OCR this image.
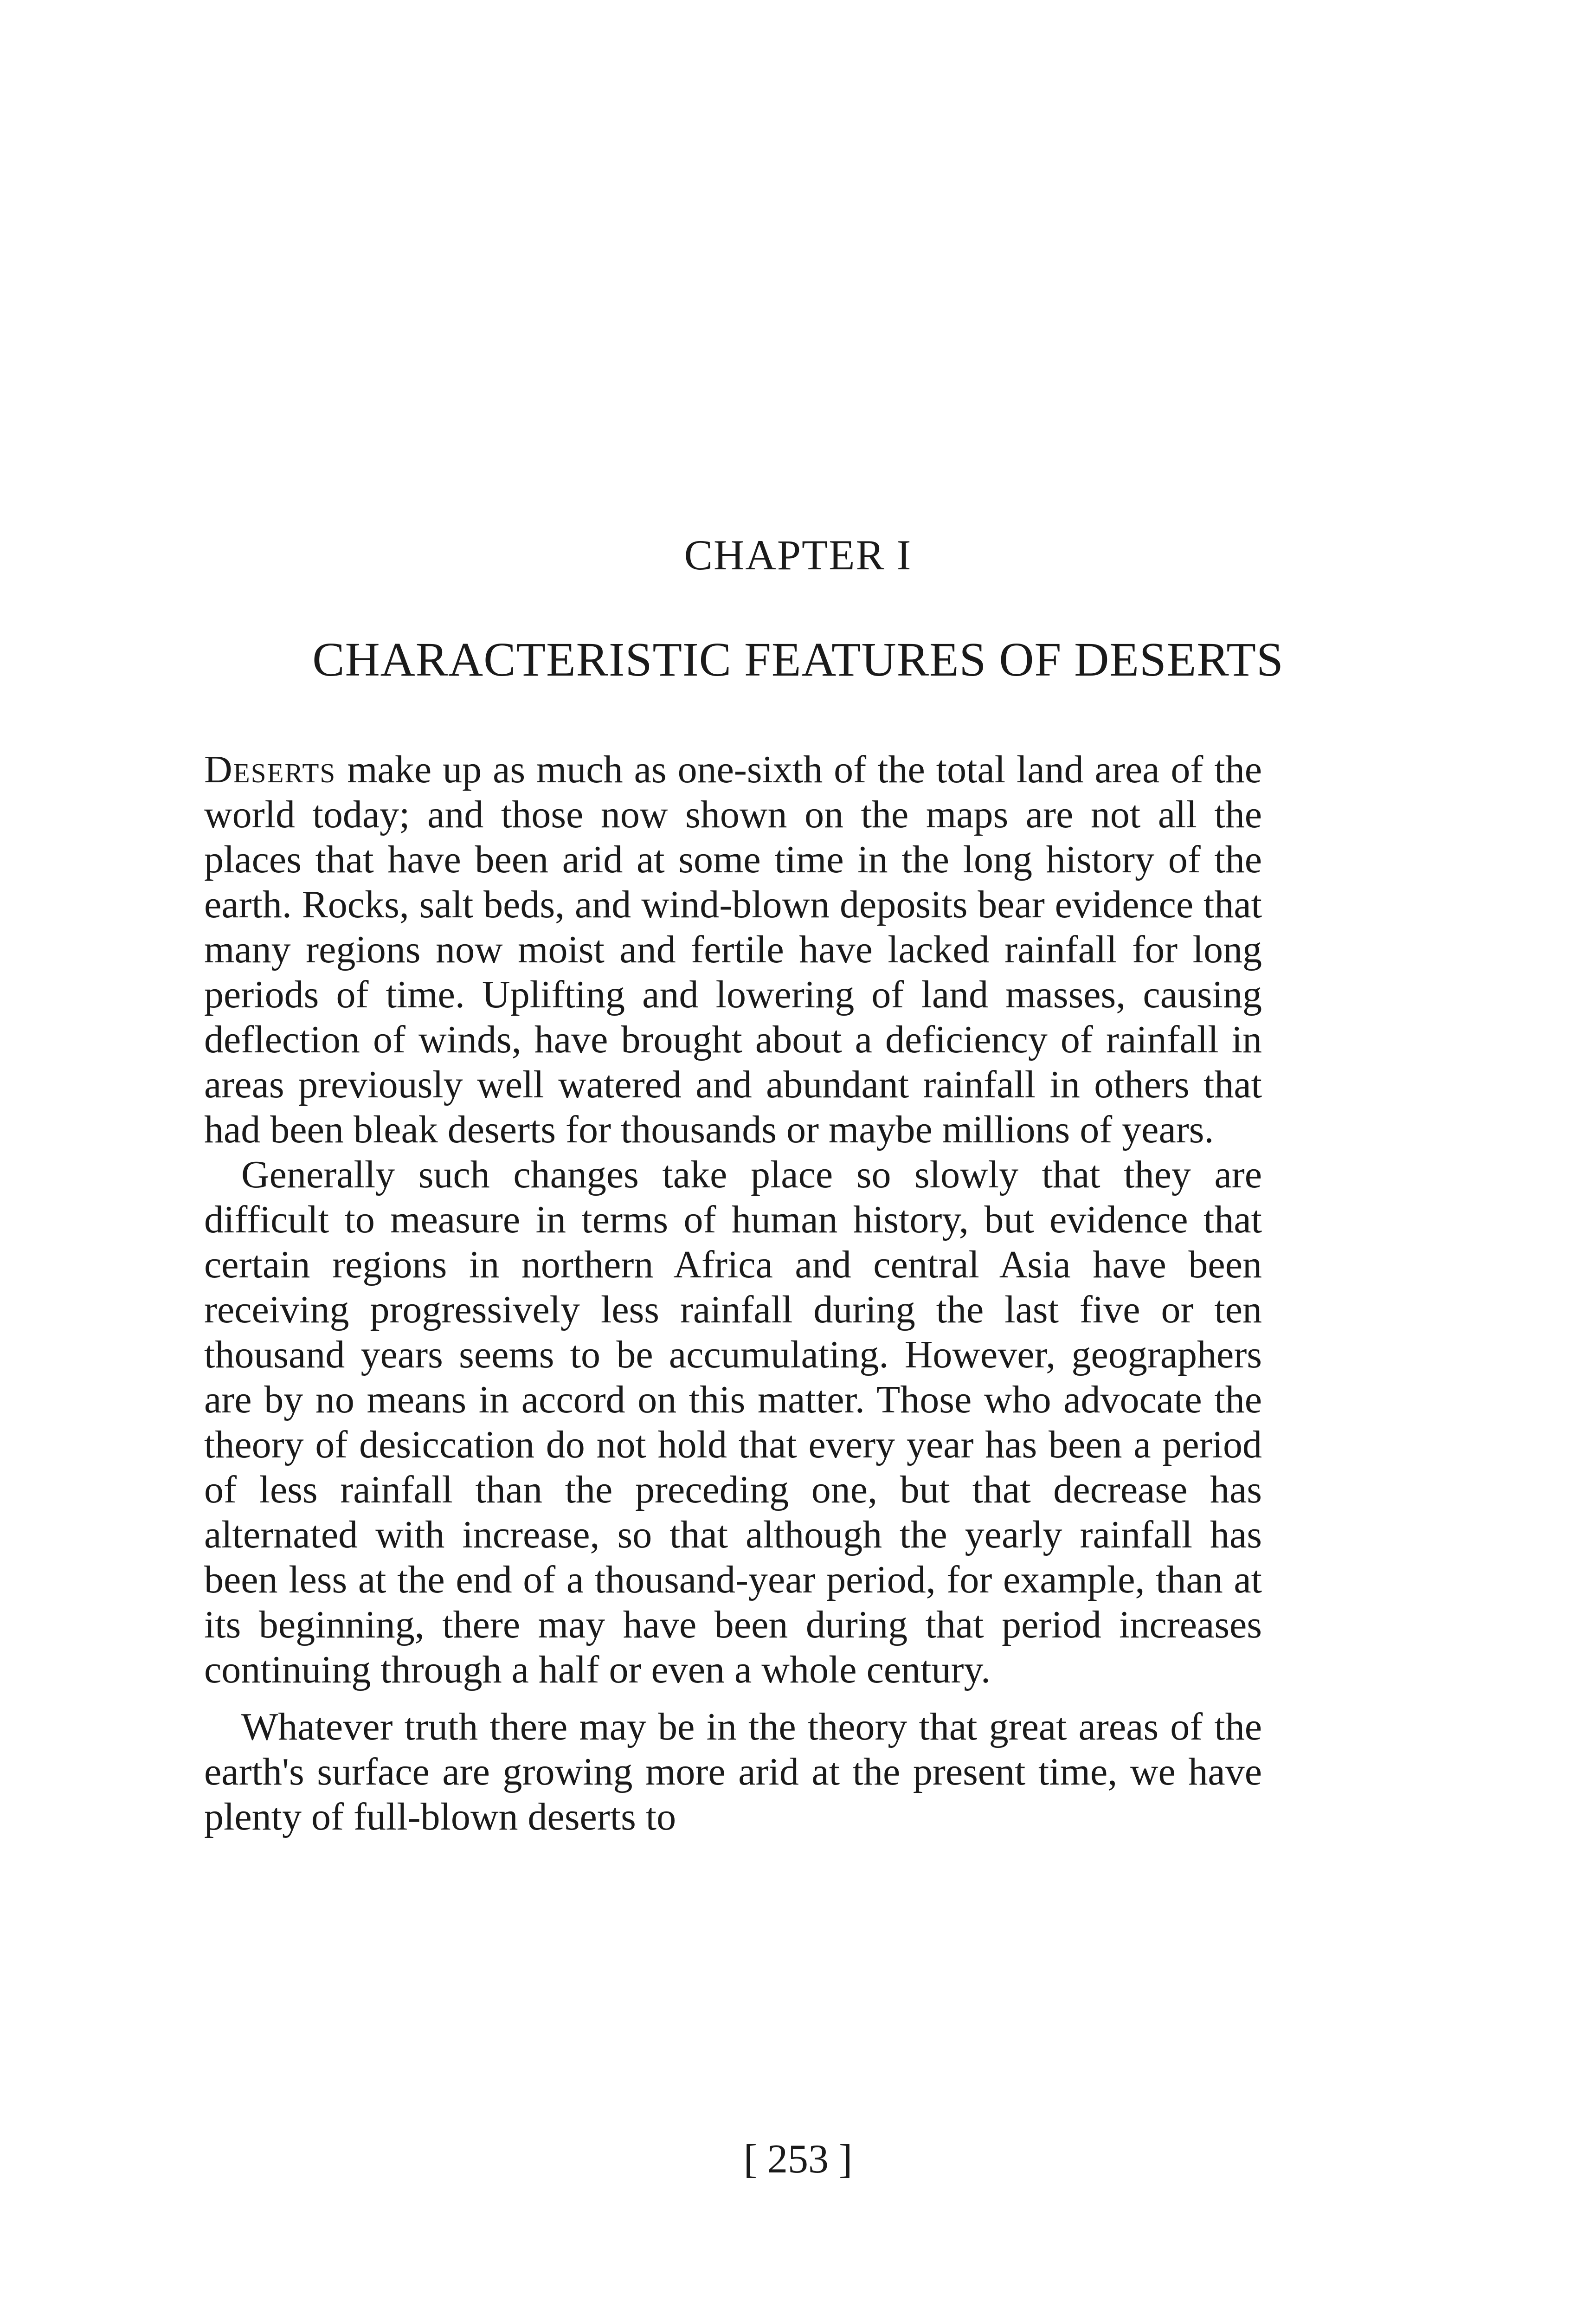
CHAPTER I
CHARACTERISTIC FEATURES OF DESERTS

Deserts make up as much as one-sixth of the total land area of the world today; and those now shown on the maps are not all the places that have been arid at some time in the long history of the earth. Rocks, salt beds, and wind-blown deposits bear evidence that many regions now moist and fertile have lacked rainfall for long periods of time. Uplifting and lowering of land masses, causing deflection of winds, have brought about a deficiency of rainfall in areas previously well watered and abundant rainfall in others that had been bleak deserts for thousands or maybe millions of years.

Generally such changes take place so slowly that they are difficult to measure in terms of human history, but evidence that certain regions in northern Africa and central Asia have been receiving progressively less rainfall during the last five or ten thousand years seems to be accumulating. However, geographers are by no means in accord on this matter. Those who advocate the theory of desiccation do not hold that every year has been a period of less rainfall than the preceding one, but that decrease has alternated with increase, so that although the yearly rainfall has been less at the end of a thousand-year period, for example, than at its beginning, there may have been during that period increases continuing through a half or even a whole century.

Whatever truth there may be in the theory that great areas of the earth's surface are growing more arid at the present time, we have plenty of full-blown deserts to

[ 253 ]
